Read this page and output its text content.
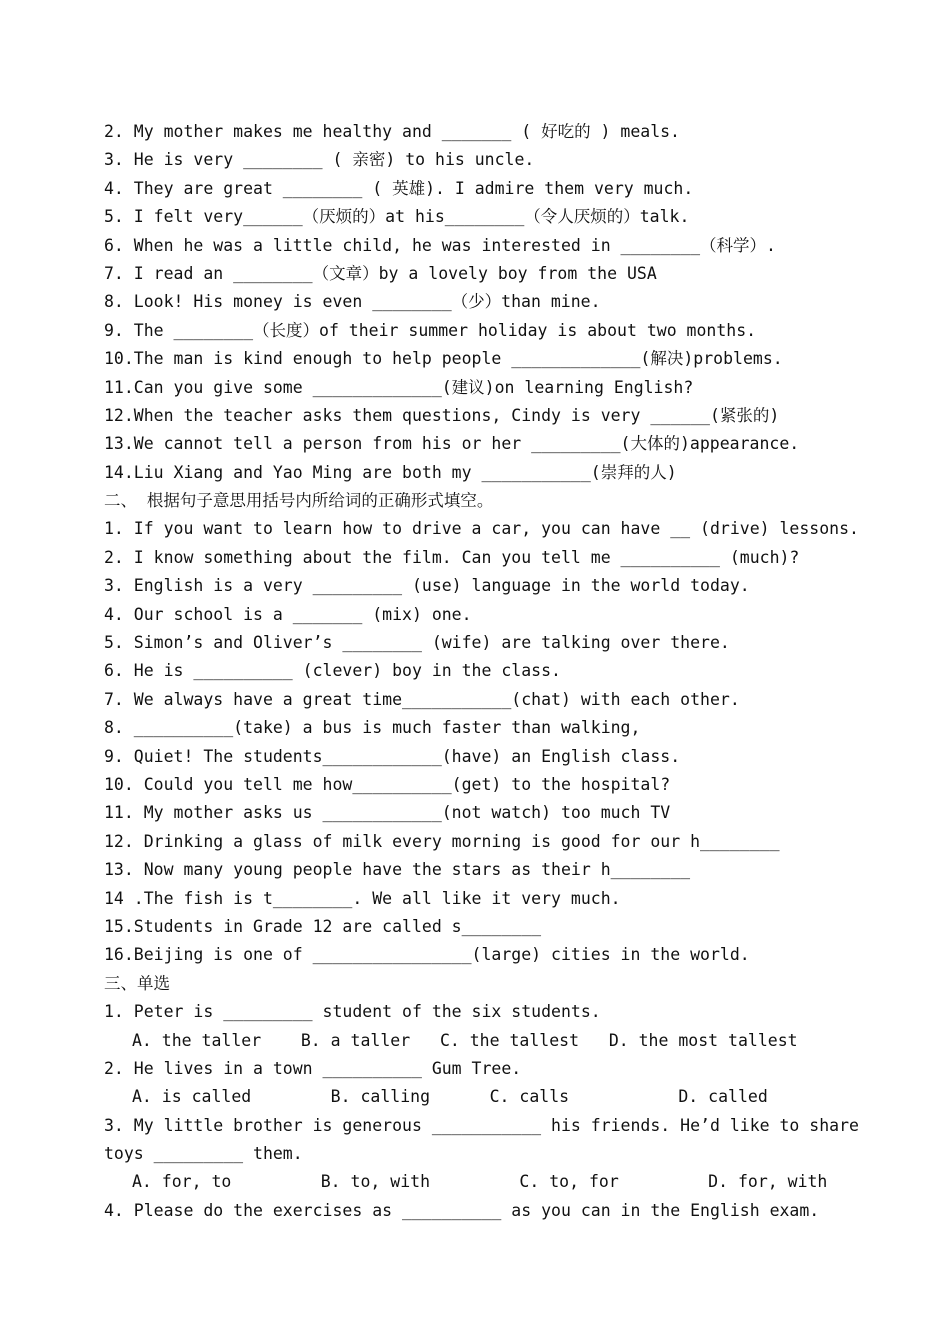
2. My mother makes me healthy and _______ ( 好吃的 ) meals.
3. He is very ________ ( 亲密) to his uncle.
4. They are great ________ ( 英雄). I admire them very much.
5. I felt very______（厌烦的）at his________（令人厌烦的）talk.
6. When he was a little child, he was interested in ________（科学）.
7. I read an ________（文章）by a lovely boy from the USA
8. Look! His money is even ________（少）than mine.
9. The ________（长度）of their summer holiday is about two months.
10.The man is kind enough to help people _____________(解决)problems.
11.Can you give some _____________(建议)on learning English?
12.When the teacher asks them questions, Cindy is very ______(紧张的)
13.We cannot tell a person from his or her _________(大体的)appearance.
14.Liu Xiang and Yao Ming are both my ___________(崇拜的人)
二、 根据句子意思用括号内所给词的正确形式填空。
1. If you want to learn how to drive a car, you can have __ (drive) lessons.
2. I know something about the film. Can you tell me __________ (much)?
3. English is a very _________ (use) language in the world today.
4. Our school is a _______ (mix) one.
5. Simon’s and Oliver’s ________ (wife) are talking over there.
6. He is __________ (clever) boy in the class.
7. We always have a great time___________(chat) with each other.
8. __________(take) a bus is much faster than walking,
9. Quiet! The students____________(have) an English class.
10. Could you tell me how__________(get) to the hospital?
11. My mother asks us ____________(not watch) too much TV
12. Drinking a glass of milk every morning is good for our h________
13. Now many young people have the stars as their h________
14 .The fish is t________. We all like it very much.
15.Students in Grade 12 are called s________
16.Beijing is one of ________________(large) cities in the world.
三、单选
1. Peter is _________ student of the six students.
A. the taller    B. a taller   C. the tallest   D. the most tallest
2. He lives in a town __________ Gum Tree.
A. is called        B. calling      C. calls           D. called
3. My little brother is generous ___________ his friends. He’d like to share
toys _________ them.
A. for, to         B. to, with         C. to, for         D. for, with
4. Please do the exercises as __________ as you can in the English exam.
